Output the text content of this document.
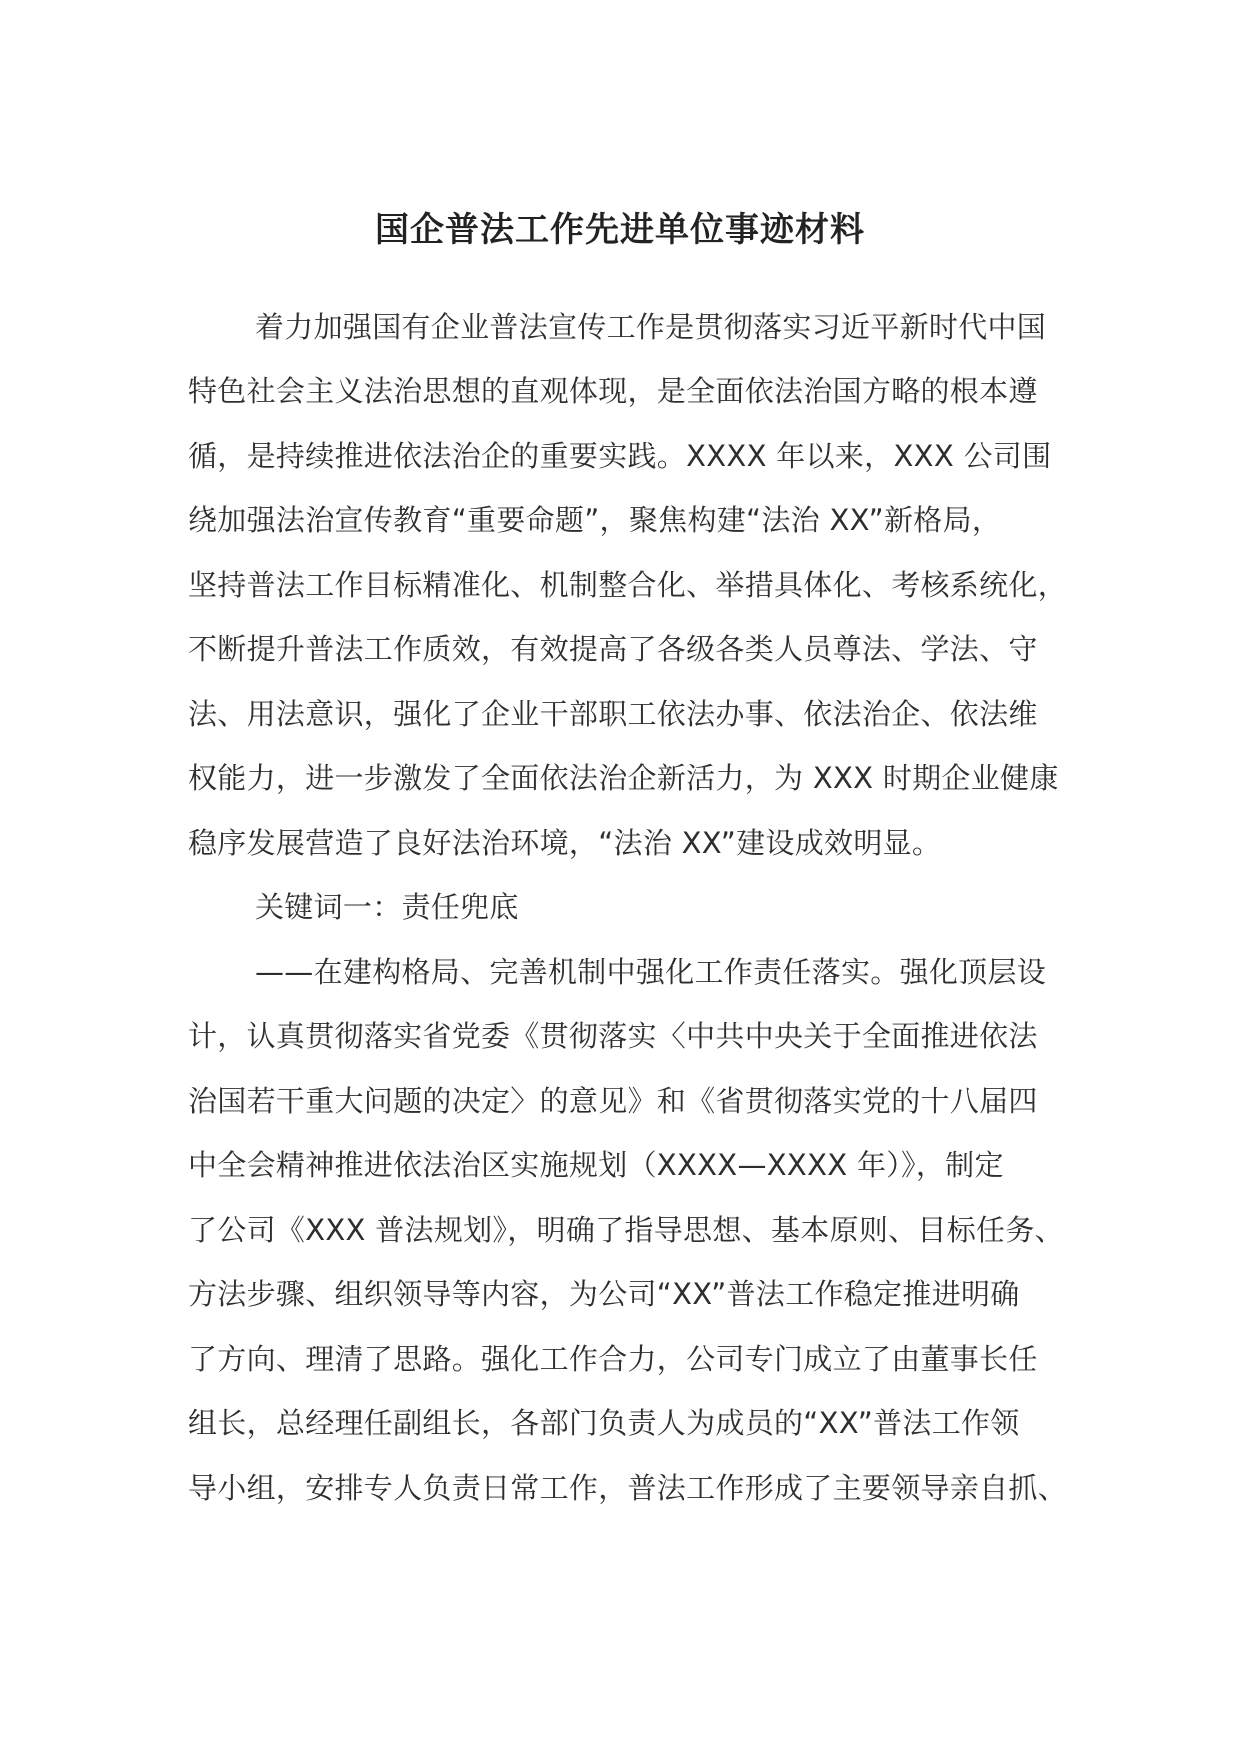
国企普法工作先进单位事迹材料
着力加强国有企业普法宣传工作是贯彻落实习近平新时代中国
特色社会主义法治思想的直观体现，是全面依法治国方略的根本遵
循，是持续推进依法治企的重要实践。XXXX 年以来，XXX 公司围
绕加强法治宣传教育“重要命题”，聚焦构建“法治 XX”新格局，
坚持普法工作目标精准化、机制整合化、举措具体化、考核系统化，
不断提升普法工作质效，有效提高了各级各类人员尊法、学法、守
法、用法意识，强化了企业干部职工依法办事、依法治企、依法维
权能力，进一步激发了全面依法治企新活力，为 XXX 时期企业健康
稳序发展营造了良好法治环境，“法治 XX”建设成效明显。
关键词一：责任兜底
——在建构格局、完善机制中强化工作责任落实。强化顶层设
计，认真贯彻落实省党委《贯彻落实〈中共中央关于全面推进依法
治国若干重大问题的决定〉的意见》和《省贯彻落实党的十八届四
中全会精神推进依法治区实施规划（XXXX—XXXX 年）》，制定
了公司《XXX 普法规划》，明确了指导思想、基本原则、目标任务、
方法步骤、组织领导等内容，为公司“XX”普法工作稳定推进明确
了方向、理清了思路。强化工作合力，公司专门成立了由董事长任
组长，总经理任副组长，各部门负责人为成员的“XX”普法工作领
导小组，安排专人负责日常工作，普法工作形成了主要领导亲自抓、
